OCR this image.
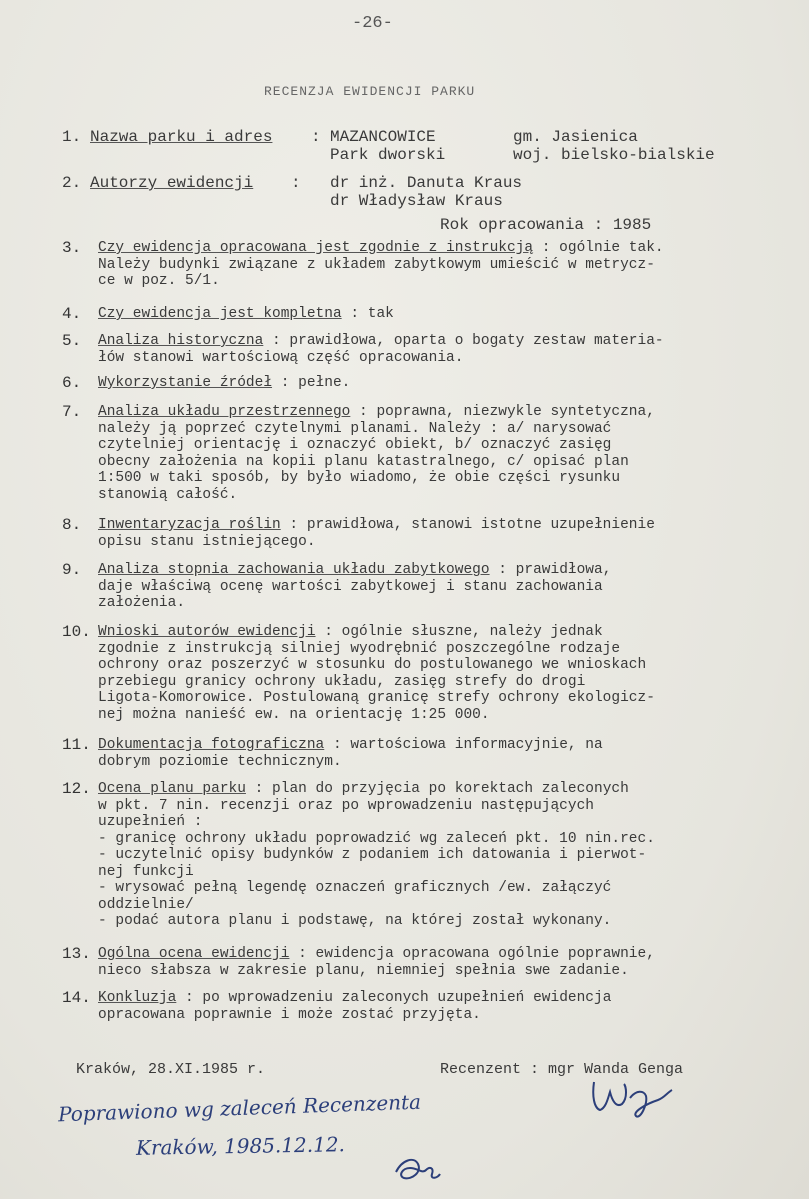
-26-
RECENZJA EWIDENCJI PARKU
1. Nazwa parku i adres : MAZANCOWICE
Park dworski
gm. Jasienica
woj. bielsko-bialskie
2. Autorzy ewidencji : dr inż. Danuta Kraus
dr Władysław Kraus
Rok opracowania : 1985
3. Czy ewidencja opracowana jest zgodnie z instrukcją : ogólnie tak.
Należy budynki związane z układem zabytkowym umieścić w metrycz-
ce w poz. 5/1.
4. Czy ewidencja jest kompletna : tak
5. Analiza historyczna : prawidłowa, oparta o bogaty zestaw materia-
łów stanowi wartościową część opracowania.
6. Wykorzystanie źródeł : pełne.
7. Analiza układu przestrzennego : poprawna, niezwykle syntetyczna,
należy ją poprzeć czytelnymi planami. Należy : a/ narysować
czytelniej orientację i oznaczyć obiekt, b/ oznaczyć zasięg
obecny założenia na kopii planu katastralnego, c/ opisać plan
1:500 w taki sposób, by było wiadomo, że obie części rysunku
stanowią całość.
8. Inwentaryzacja roślin : prawidłowa, stanowi istotne uzupełnienie
opisu stanu istniejącego.
9. Analiza stopnia zachowania układu zabytkowego : prawidłowa,
daje właściwą ocenę wartości zabytkowej i stanu zachowania
założenia.
10. Wnioski autorów ewidencji : ogólnie słuszne, należy jednak
zgodnie z instrukcją silniej wyodrębnić poszczególne rodzaje
ochrony oraz poszerzyć w stosunku do postulowanego we wnioskach
przebiegu granicy ochrony układu, zasięg strefy do drogi
Ligota-Komorowice. Postulowaną granicę strefy ochrony ekologicz-
nej można nanieść ew. na orientację 1:25 000.
11. Dokumentacja fotograficzna : wartościowa informacyjnie, na
dobrym poziomie technicznym.
12. Ocena planu parku : plan do przyjęcia po korektach zaleconych
w pkt. 7 nin. recenzji oraz po wprowadzeniu następujących
uzupełnień :
- granicę ochrony układu poprowadzić wg zaleceń pkt. 10 nin.rec.
- uczytelnić opisy budynków z podaniem ich datowania i pierwot-
nej funkcji
- wrysować pełną legendę oznaczeń graficznych /ew. załączyć
oddzielnie/
- podać autora planu i podstawę, na której został wykonany.
13. Ogólna ocena ewidencji : ewidencja opracowana ogólnie poprawnie,
nieco słabsza w zakresie planu, niemniej spełnia swe zadanie.
14. Konkluzja : po wprowadzeniu zaleconych uzupełnień ewidencja
opracowana poprawnie i może zostać przyjęta.
Kraków, 28.XI.1985 r.	Recenzent : mgr Wanda Genga
Poprawiono wg zaleceń Recenzenta
Kraków, 1985.12.12.
